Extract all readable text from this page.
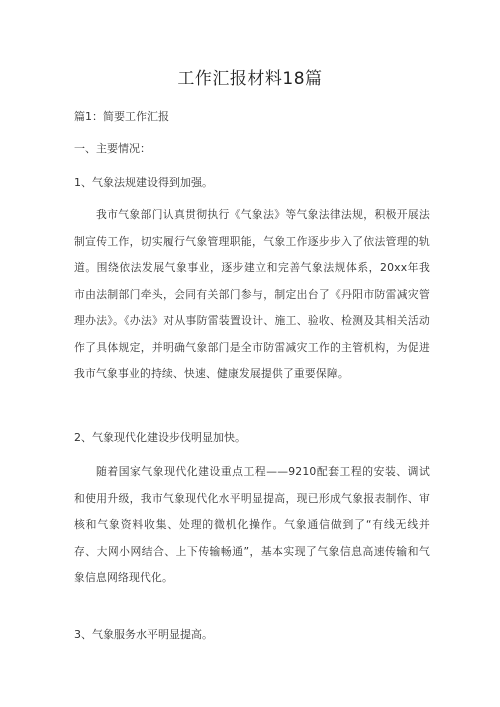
工作汇报材料18篇
篇1：简要工作汇报
一、主要情况：
1、气象法规建设得到加强。
我市气象部门认真贯彻执行《气象法》等气象法律法规，积极开展法制宣传工作，切实履行气象管理职能，气象工作逐步步入了依法管理的轨道。围绕依法发展气象事业，逐步建立和完善气象法规体系，20xx年我市由法制部门牵头，会同有关部门参与，制定出台了《丹阳市防雷减灾管理办法》。《办法》对从事防雷装置设计、施工、验收、检测及其相关活动作了具体规定，并明确气象部门是全市防雷减灾工作的主管机构，为促进我市气象事业的持续、快速、健康发展提供了重要保障。
2、气象现代化建设步伐明显加快。
随着国家气象现代化建设重点工程——9210配套工程的安装、调试和使用升级，我市气象现代化水平明显提高，现已形成气象报表制作、审核和气象资料收集、处理的微机化操作。气象通信做到了“有线无线并存、大网小网结合、上下传输畅通”，基本实现了气象信息高速传输和气象信息网络现代化。
3、气象服务水平明显提高。
